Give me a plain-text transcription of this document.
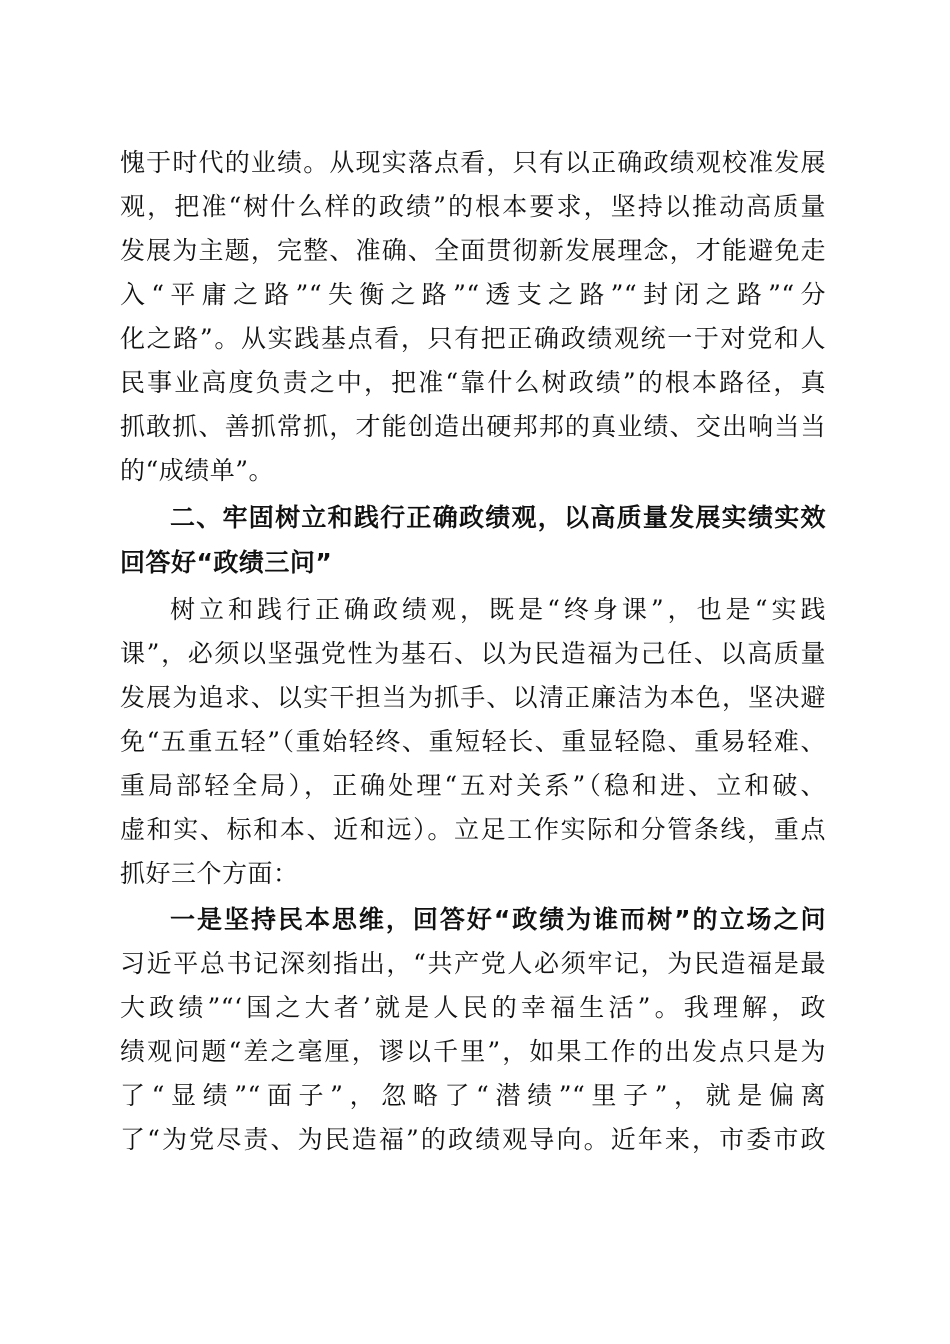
愧于时代的业绩。从现实落点看，只有以正确政绩观校准发展
观，把准“树什么样的政绩”的根本要求，坚持以推动高质量
发展为主题，完整、准确、全面贯彻新发展理念，才能避免走
入“平庸之路”“失衡之路”“透支之路”“封闭之路”“分
化之路”。从实践基点看，只有把正确政绩观统一于对党和人
民事业高度负责之中，把准“靠什么树政绩”的根本路径，真
抓敢抓、善抓常抓，才能创造出硬邦邦的真业绩、交出响当当
的“成绩单”。
二、牢固树立和践行正确政绩观，以高质量发展实绩实效
回答好“政绩三问”
树立和践行正确政绩观，既是“终身课”，也是“实践
课”，必须以坚强党性为基石、以为民造福为己任、以高质量
发展为追求、以实干担当为抓手、以清正廉洁为本色，坚决避
免“五重五轻”（重始轻终、重短轻长、重显轻隐、重易轻难、
重局部轻全局），正确处理“五对关系”（稳和进、立和破、
虚和实、标和本、近和远）。立足工作实际和分管条线，重点
抓好三个方面：
一是坚持民本思维，回答好“政绩为谁而树”的立场之问
习近平总书记深刻指出，“共产党人必须牢记，为民造福是最
大政绩”“‘国之大者’就是人民的幸福生活”。我理解，政
绩观问题“差之毫厘，谬以千里”，如果工作的出发点只是为
了“显绩”“面子”，忽略了“潜绩”“里子”，就是偏离
了“为党尽责、为民造福”的政绩观导向。近年来，市委市政
